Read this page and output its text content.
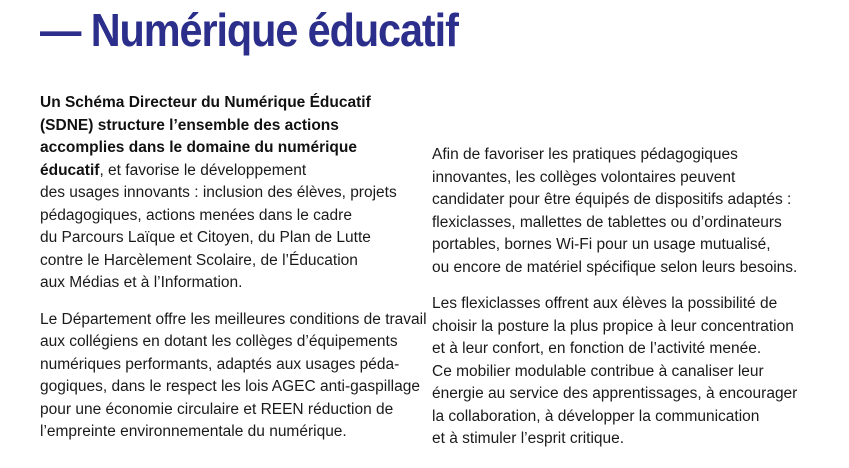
— Numérique éducatif

Un Schéma Directeur du Numérique Éducatif
(SDNE) structure l’ensemble des actions
accomplies dans le domaine du numérique
éducatif, et favorise le développement
des usages innovants : inclusion des élèves, projets
pédagogiques, actions menées dans le cadre
du Parcours Laïque et Citoyen, du Plan de Lutte
contre le Harcèlement Scolaire, de l’Éducation
aux Médias et à l’Information.

Le Département offre les meilleures conditions de travail
aux collégiens en dotant les collèges d’équipements
numériques performants, adaptés aux usages péda-
gogiques, dans le respect les lois AGEC anti-gaspillage
pour une économie circulaire et REEN réduction de
l’empreinte environnementale du numérique.

Afin de favoriser les pratiques pédagogiques
innovantes, les collèges volontaires peuvent
candidater pour être équipés de dispositifs adaptés :
flexiclasses, mallettes de tablettes ou d’ordinateurs
portables, bornes Wi-Fi pour un usage mutualisé,
ou encore de matériel spécifique selon leurs besoins.

Les flexiclasses offrent aux élèves la possibilité de
choisir la posture la plus propice à leur concentration
et à leur confort, en fonction de l’activité menée.
Ce mobilier modulable contribue à canaliser leur
énergie au service des apprentissages, à encourager
la collaboration, à développer la communication
et à stimuler l’esprit critique.
